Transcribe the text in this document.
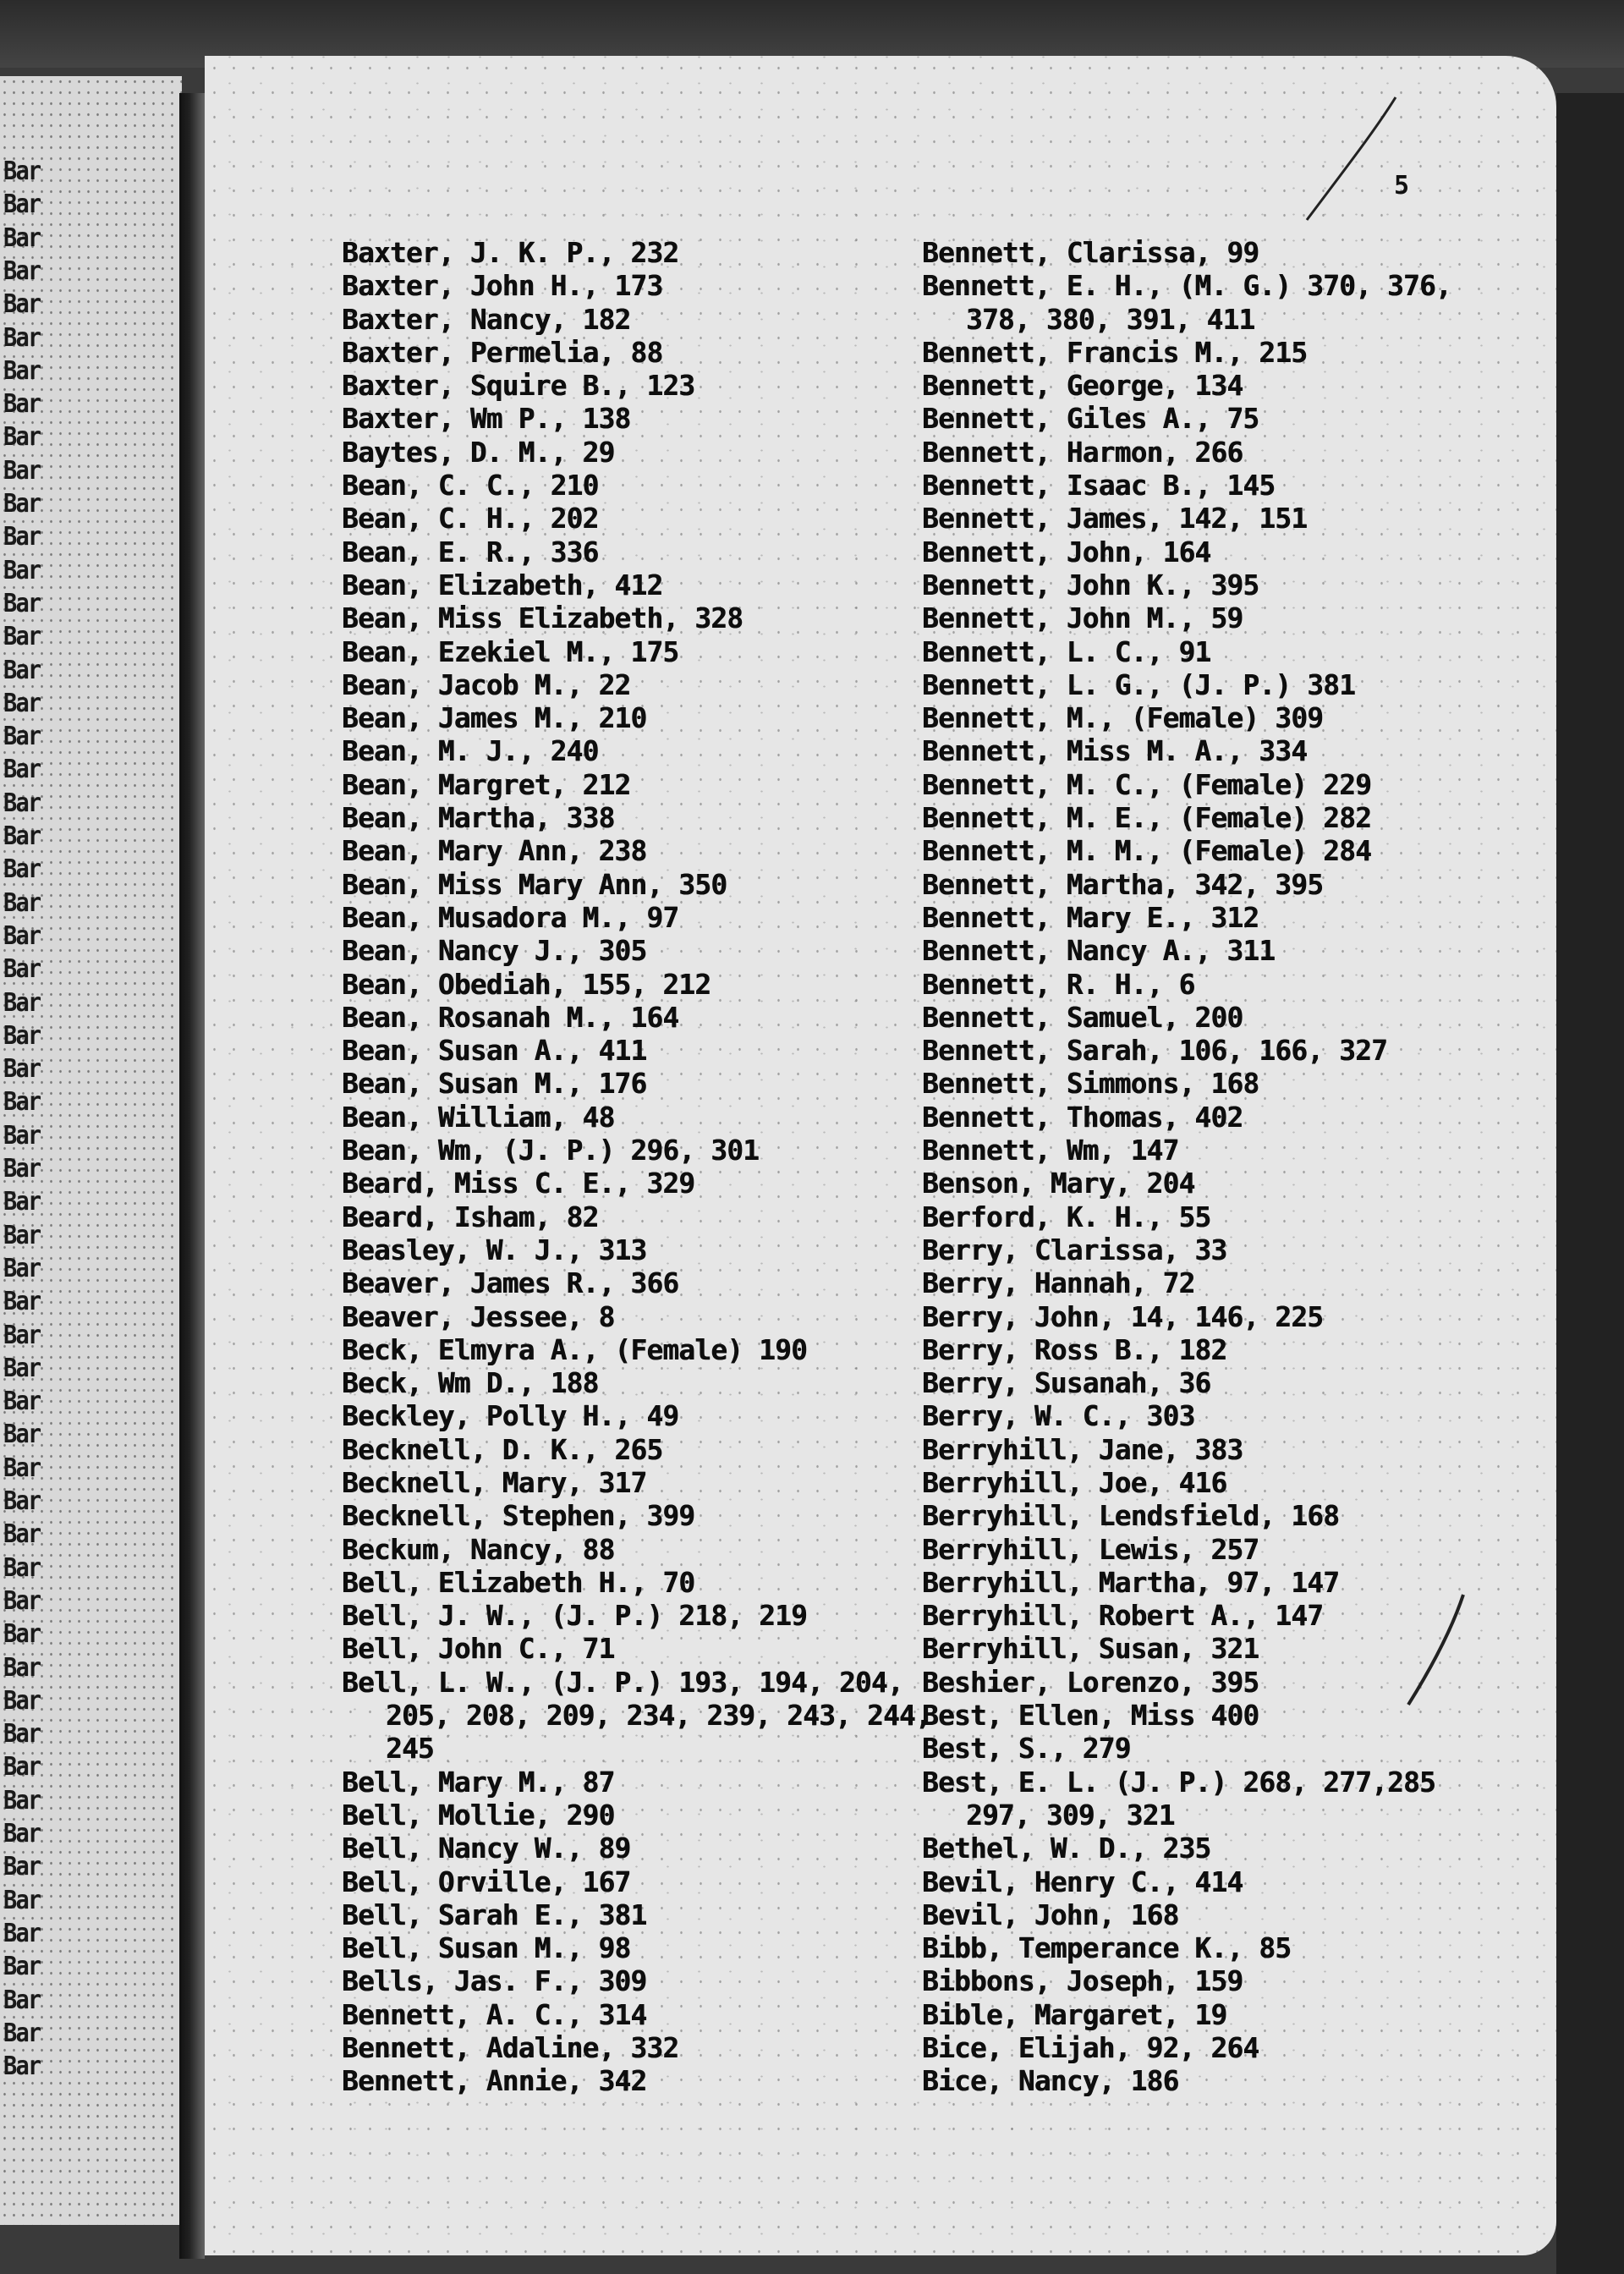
Bar
Bar
Bar
Bar
Bar
Bar
Bar
Bar
Bar
Bar
Bar
Bar
Bar
Bar
Bar
Bar
Bar
Bar
Bar
Bar
Bar
Bar
Bar
Bar
Bar
Bar
Bar
Bar
Bar
Bar
Bar
Bar
Bar
Bar
Bar
Bar
Bar
Bar
Bar
Bar
Bar
Bar
Bar
Bar
Bar
Bar
Bar
Bar
Bar
Bar
Bar
Bar
Bar
Bar
Bar
Bar
Bar
Bar
5
Baxter, J. K. P., 232
Baxter, John H., 173
Baxter, Nancy, 182
Baxter, Permelia, 88
Baxter, Squire B., 123
Baxter, Wm P., 138
Baytes, D. M., 29
Bean, C. C., 210
Bean, C. H., 202
Bean, E. R., 336
Bean, Elizabeth, 412
Bean, Miss Elizabeth, 328
Bean, Ezekiel M., 175
Bean, Jacob M., 22
Bean, James M., 210
Bean, M. J., 240
Bean, Margret, 212
Bean, Martha, 338
Bean, Mary Ann, 238
Bean, Miss Mary Ann, 350
Bean, Musadora M., 97
Bean, Nancy J., 305
Bean, Obediah, 155, 212
Bean, Rosanah M., 164
Bean, Susan A., 411
Bean, Susan M., 176
Bean, William, 48
Bean, Wm, (J. P.) 296, 301
Beard, Miss C. E., 329
Beard, Isham, 82
Beasley, W. J., 313
Beaver, James R., 366
Beaver, Jessee, 8
Beck, Elmyra A., (Female) 190
Beck, Wm D., 188
Beckley, Polly H., 49
Becknell, D. K., 265
Becknell, Mary, 317
Becknell, Stephen, 399
Beckum, Nancy, 88
Bell, Elizabeth H., 70
Bell, J. W., (J. P.) 218, 219
Bell, John C., 71
Bell, L. W., (J. P.) 193, 194, 204,
205, 208, 209, 234, 239, 243, 244,
245
Bell, Mary M., 87
Bell, Mollie, 290
Bell, Nancy W., 89
Bell, Orville, 167
Bell, Sarah E., 381
Bell, Susan M., 98
Bells, Jas. F., 309
Bennett, A. C., 314
Bennett, Adaline, 332
Bennett, Annie, 342
Bennett, Clarissa, 99
Bennett, E. H., (M. G.) 370, 376,
378, 380, 391, 411
Bennett, Francis M., 215
Bennett, George, 134
Bennett, Giles A., 75
Bennett, Harmon, 266
Bennett, Isaac B., 145
Bennett, James, 142, 151
Bennett, John, 164
Bennett, John K., 395
Bennett, John M., 59
Bennett, L. C., 91
Bennett, L. G., (J. P.) 381
Bennett, M., (Female) 309
Bennett, Miss M. A., 334
Bennett, M. C., (Female) 229
Bennett, M. E., (Female) 282
Bennett, M. M., (Female) 284
Bennett, Martha, 342, 395
Bennett, Mary E., 312
Bennett, Nancy A., 311
Bennett, R. H., 6
Bennett, Samuel, 200
Bennett, Sarah, 106, 166, 327
Bennett, Simmons, 168
Bennett, Thomas, 402
Bennett, Wm, 147
Benson, Mary, 204
Berford, K. H., 55
Berry, Clarissa, 33
Berry, Hannah, 72
Berry, John, 14, 146, 225
Berry, Ross B., 182
Berry, Susanah, 36
Berry, W. C., 303
Berryhill, Jane, 383
Berryhill, Joe, 416
Berryhill, Lendsfield, 168
Berryhill, Lewis, 257
Berryhill, Martha, 97, 147
Berryhill, Robert A., 147
Berryhill, Susan, 321
Beshier, Lorenzo, 395
Best, Ellen, Miss 400
Best, S., 279
Best, E. L. (J. P.) 268, 277,285
297, 309, 321
Bethel, W. D., 235
Bevil, Henry C., 414
Bevil, John, 168
Bibb, Temperance K., 85
Bibbons, Joseph, 159
Bible, Margaret, 19
Bice, Elijah, 92, 264
Bice, Nancy, 186
